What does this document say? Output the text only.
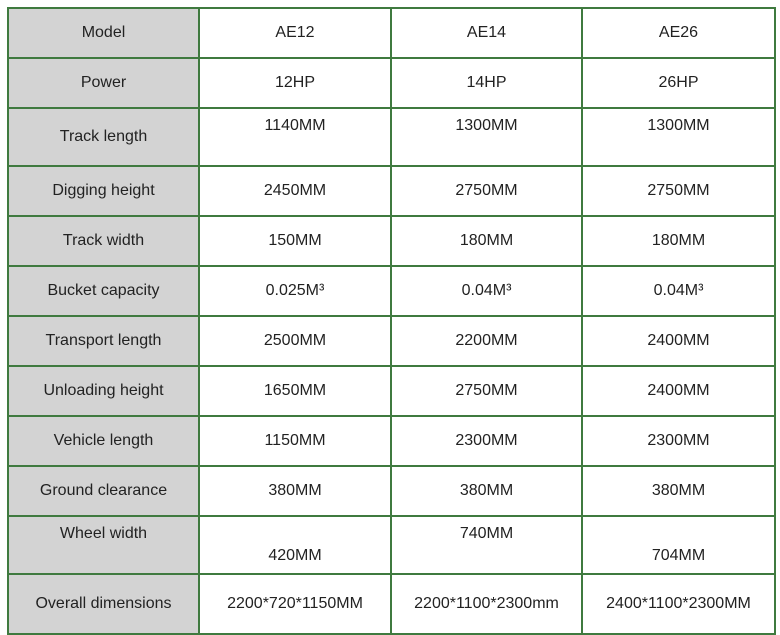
Model	AE12	AE14	AE26
Power	12HP	14HP	26HP
Track length	1140MM	1300MM	1300MM
Digging height	2450MM	2750MM	2750MM
Track width	150MM	180MM	180MM
Bucket capacity	0.025M³	0.04M³	0.04M³
Transport length	2500MM	2200MM	2400MM
Unloading height	1650MM	2750MM	2400MM
Vehicle length	1150MM	2300MM	2300MM
Ground clearance	380MM	380MM	380MM
Wheel width	420MM	740MM	704MM
Overall dimensions	2200*720*1150MM	2200*1100*2300mm	2400*1100*2300MM
